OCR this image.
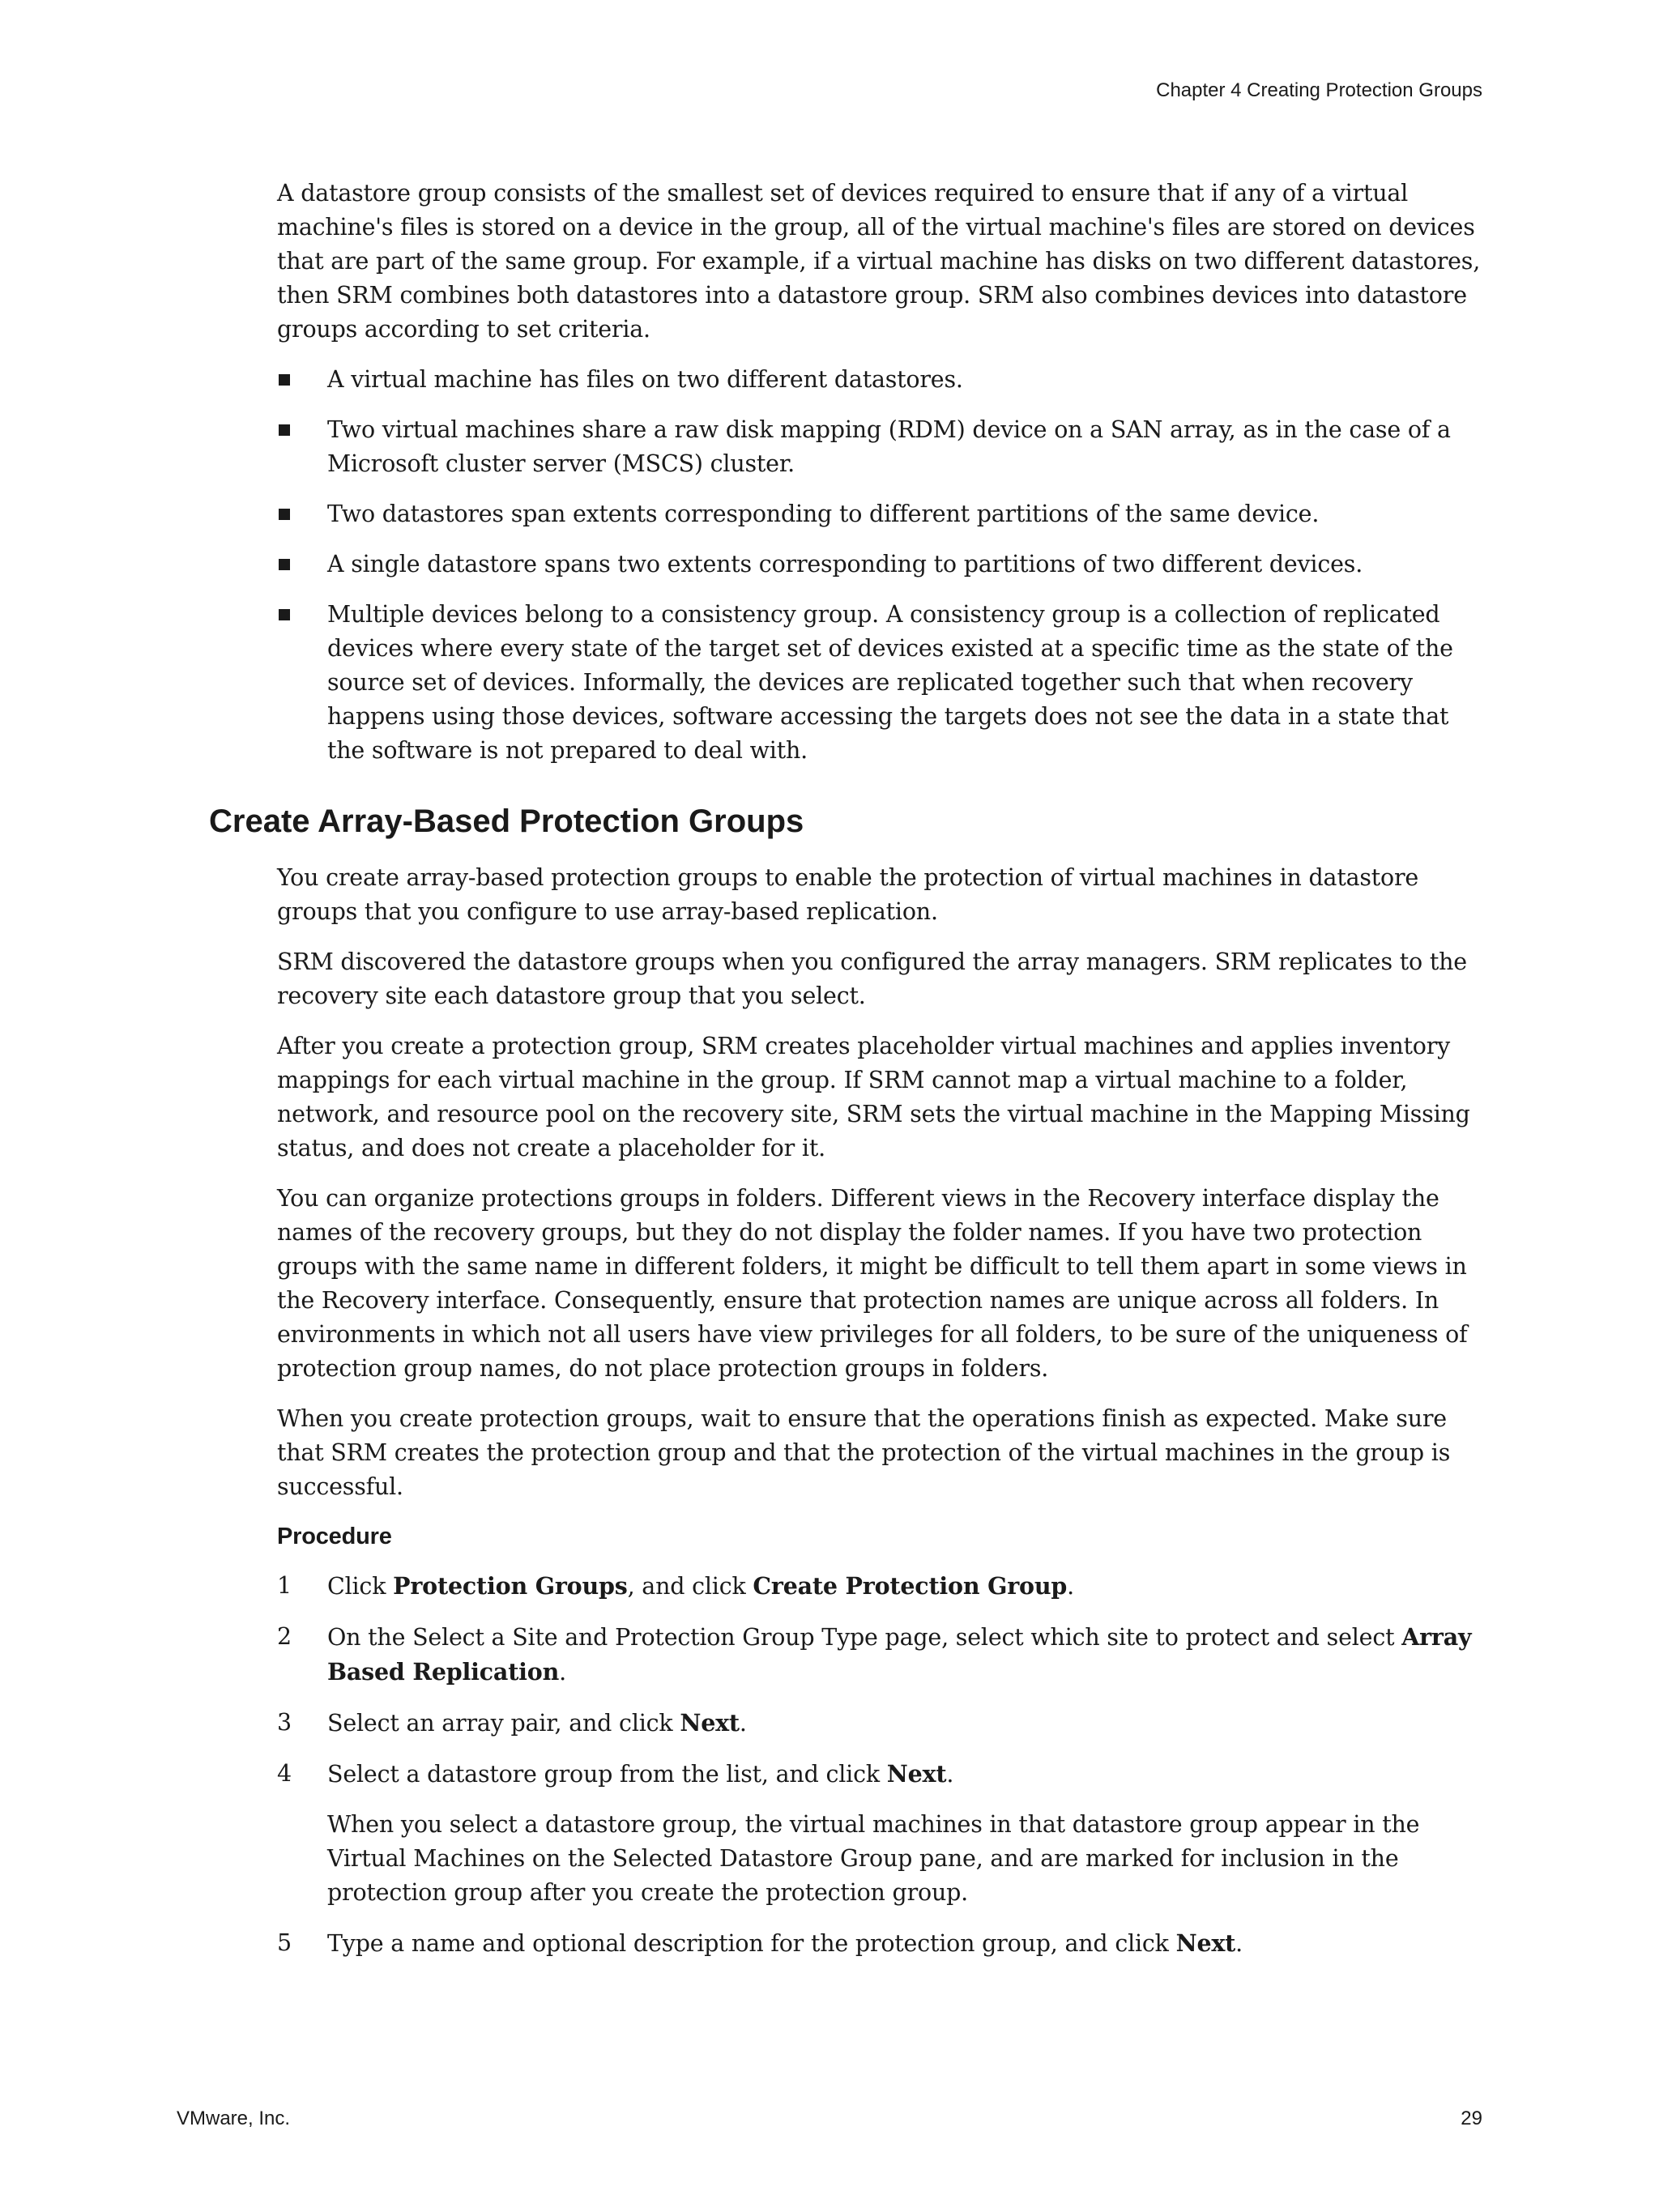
Chapter 4 Creating Protection Groups

A datastore group consists of the smallest set of devices required to ensure that if any of a virtual machine's files is stored on a device in the group, all of the virtual machine's files are stored on devices that are part of the same group. For example, if a virtual machine has disks on two different datastores, then SRM combines both datastores into a datastore group. SRM also combines devices into datastore groups according to set criteria.

A virtual machine has files on two different datastores.
Two virtual machines share a raw disk mapping (RDM) device on a SAN array, as in the case of a Microsoft cluster server (MSCS) cluster.
Two datastores span extents corresponding to different partitions of the same device.
A single datastore spans two extents corresponding to partitions of two different devices.
Multiple devices belong to a consistency group. A consistency group is a collection of replicated devices where every state of the target set of devices existed at a specific time as the state of the source set of devices. Informally, the devices are replicated together such that when recovery happens using those devices, software accessing the targets does not see the data in a state that the software is not prepared to deal with.
Create Array-Based Protection Groups

You create array-based protection groups to enable the protection of virtual machines in datastore groups that you configure to use array-based replication.

SRM discovered the datastore groups when you configured the array managers. SRM replicates to the recovery site each datastore group that you select.

After you create a protection group, SRM creates placeholder virtual machines and applies inventory mappings for each virtual machine in the group. If SRM cannot map a virtual machine to a folder, network, and resource pool on the recovery site, SRM sets the virtual machine in the Mapping Missing status, and does not create a placeholder for it.

You can organize protections groups in folders. Different views in the Recovery interface display the names of the recovery groups, but they do not display the folder names. If you have two protection groups with the same name in different folders, it might be difficult to tell them apart in some views in the Recovery interface. Consequently, ensure that protection names are unique across all folders. In environments in which not all users have view privileges for all folders, to be sure of the uniqueness of protection group names, do not place protection groups in folders.

When you create protection groups, wait to ensure that the operations finish as expected. Make sure that SRM creates the protection group and that the protection of the virtual machines in the group is successful.

Procedure
1 Click Protection Groups, and click Create Protection Group.
2 On the Select a Site and Protection Group Type page, select which site to protect and select Array Based Replication.
3 Select an array pair, and click Next.
4 Select a datastore group from the list, and click Next.
When you select a datastore group, the virtual machines in that datastore group appear in the Virtual Machines on the Selected Datastore Group pane, and are marked for inclusion in the protection group after you create the protection group.
5 Type a name and optional description for the protection group, and click Next.
VMware, Inc.	29
